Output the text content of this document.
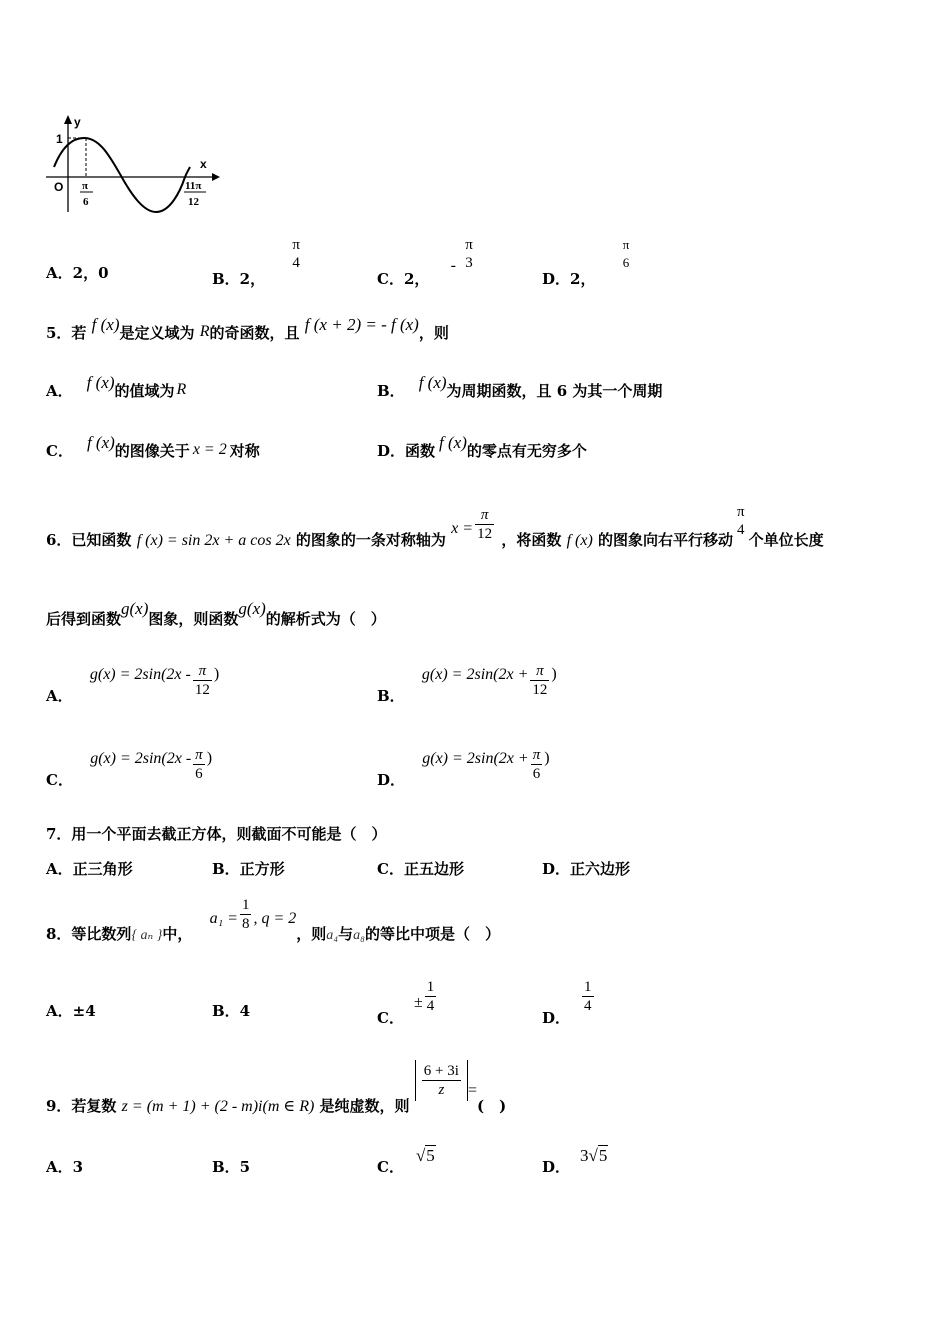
y
x
O
1
π
6
11π
12
A．2，0	B．2，
π
4
C．2， -
π
3
D．2，
π
6
5．若 f (x)是定义域为 R的奇函数，且 f (x + 2) = - f (x)，则
A． f (x)的值域为 R	B． f (x)为周期函数，且 6 为其一个周期
C． f (x)的图像关于 x = 2 对称	D．函数 f (x)的零点有无穷多个
6．已知函数 f (x) = sin 2x + a cos 2x 的图象的一条对称轴为 $x = \frac{\pi}{12}$ ，将函数 f (x) 的图象向右平行移动
π
4
个单位长度
后得到函数g(x)图象，则函数g(x)的解析式为（　）
A． $g(x) = 2\sin(2x - \frac{\pi}{12}$ )
B． $g(x) = 2\sin(2x + \frac{\pi}{12}$ )
C． $g(x) = 2\sin(2x - \frac{\pi}{6}$ )
D． $g(x) = 2\sin(2x + \frac{\pi}{6}$ )
7．用一个平面去截正方体，则截面不可能是（　）
A．正三角形	B．正方形	C．正五边形	D．正六边形
8．等比数列{ aₙ }中， $a_1 = \frac{1}{8}$ , q = 2，则a₄与a₈的等比中项是（　）
A．±4	B．4	C．± $\frac{1}{4}$
D．
$\frac{1}{4}$
9．若复数 z = (m + 1) + (2 - m)i(m ∈ R) 是纯虚数，则
$\frac{6 + 3i}{z}$ =(　)
A．3	B．5	C．√5
D．3√5
